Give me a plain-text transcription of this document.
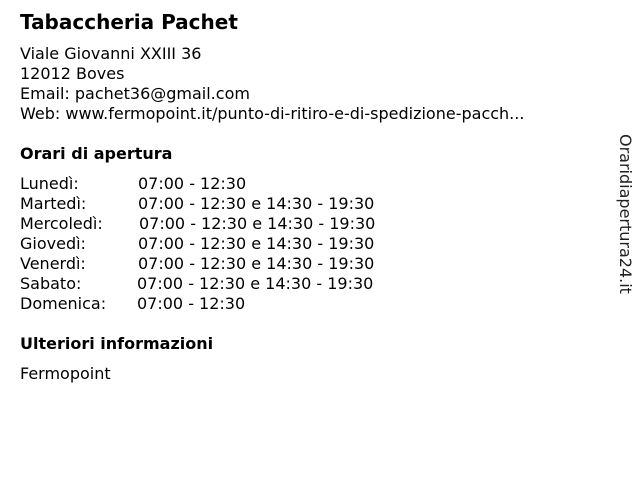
Tabaccheria Pachet
Viale Giovanni XXIII 36
12012 Boves
Email: pachet36@gmail.com
Web: www.fermopoint.it/punto-di-ritiro-e-di-spedizione-pacch...
Orari di apertura
Lunedì:	07:00 - 12:30
Martedì:	07:00 - 12:30 e 14:30 - 19:30
Mercoledì: 07:00 - 12:30 e 14:30 - 19:30
Giovedì:	07:00 - 12:30 e 14:30 - 19:30
Venerdì:	07:00 - 12:30 e 14:30 - 19:30
Sabato:	07:00 - 12:30 e 14:30 - 19:30
Domenica: 07:00 - 12:30
Ulteriori informazioni
Fermopoint
Oraridiapertura24.it
